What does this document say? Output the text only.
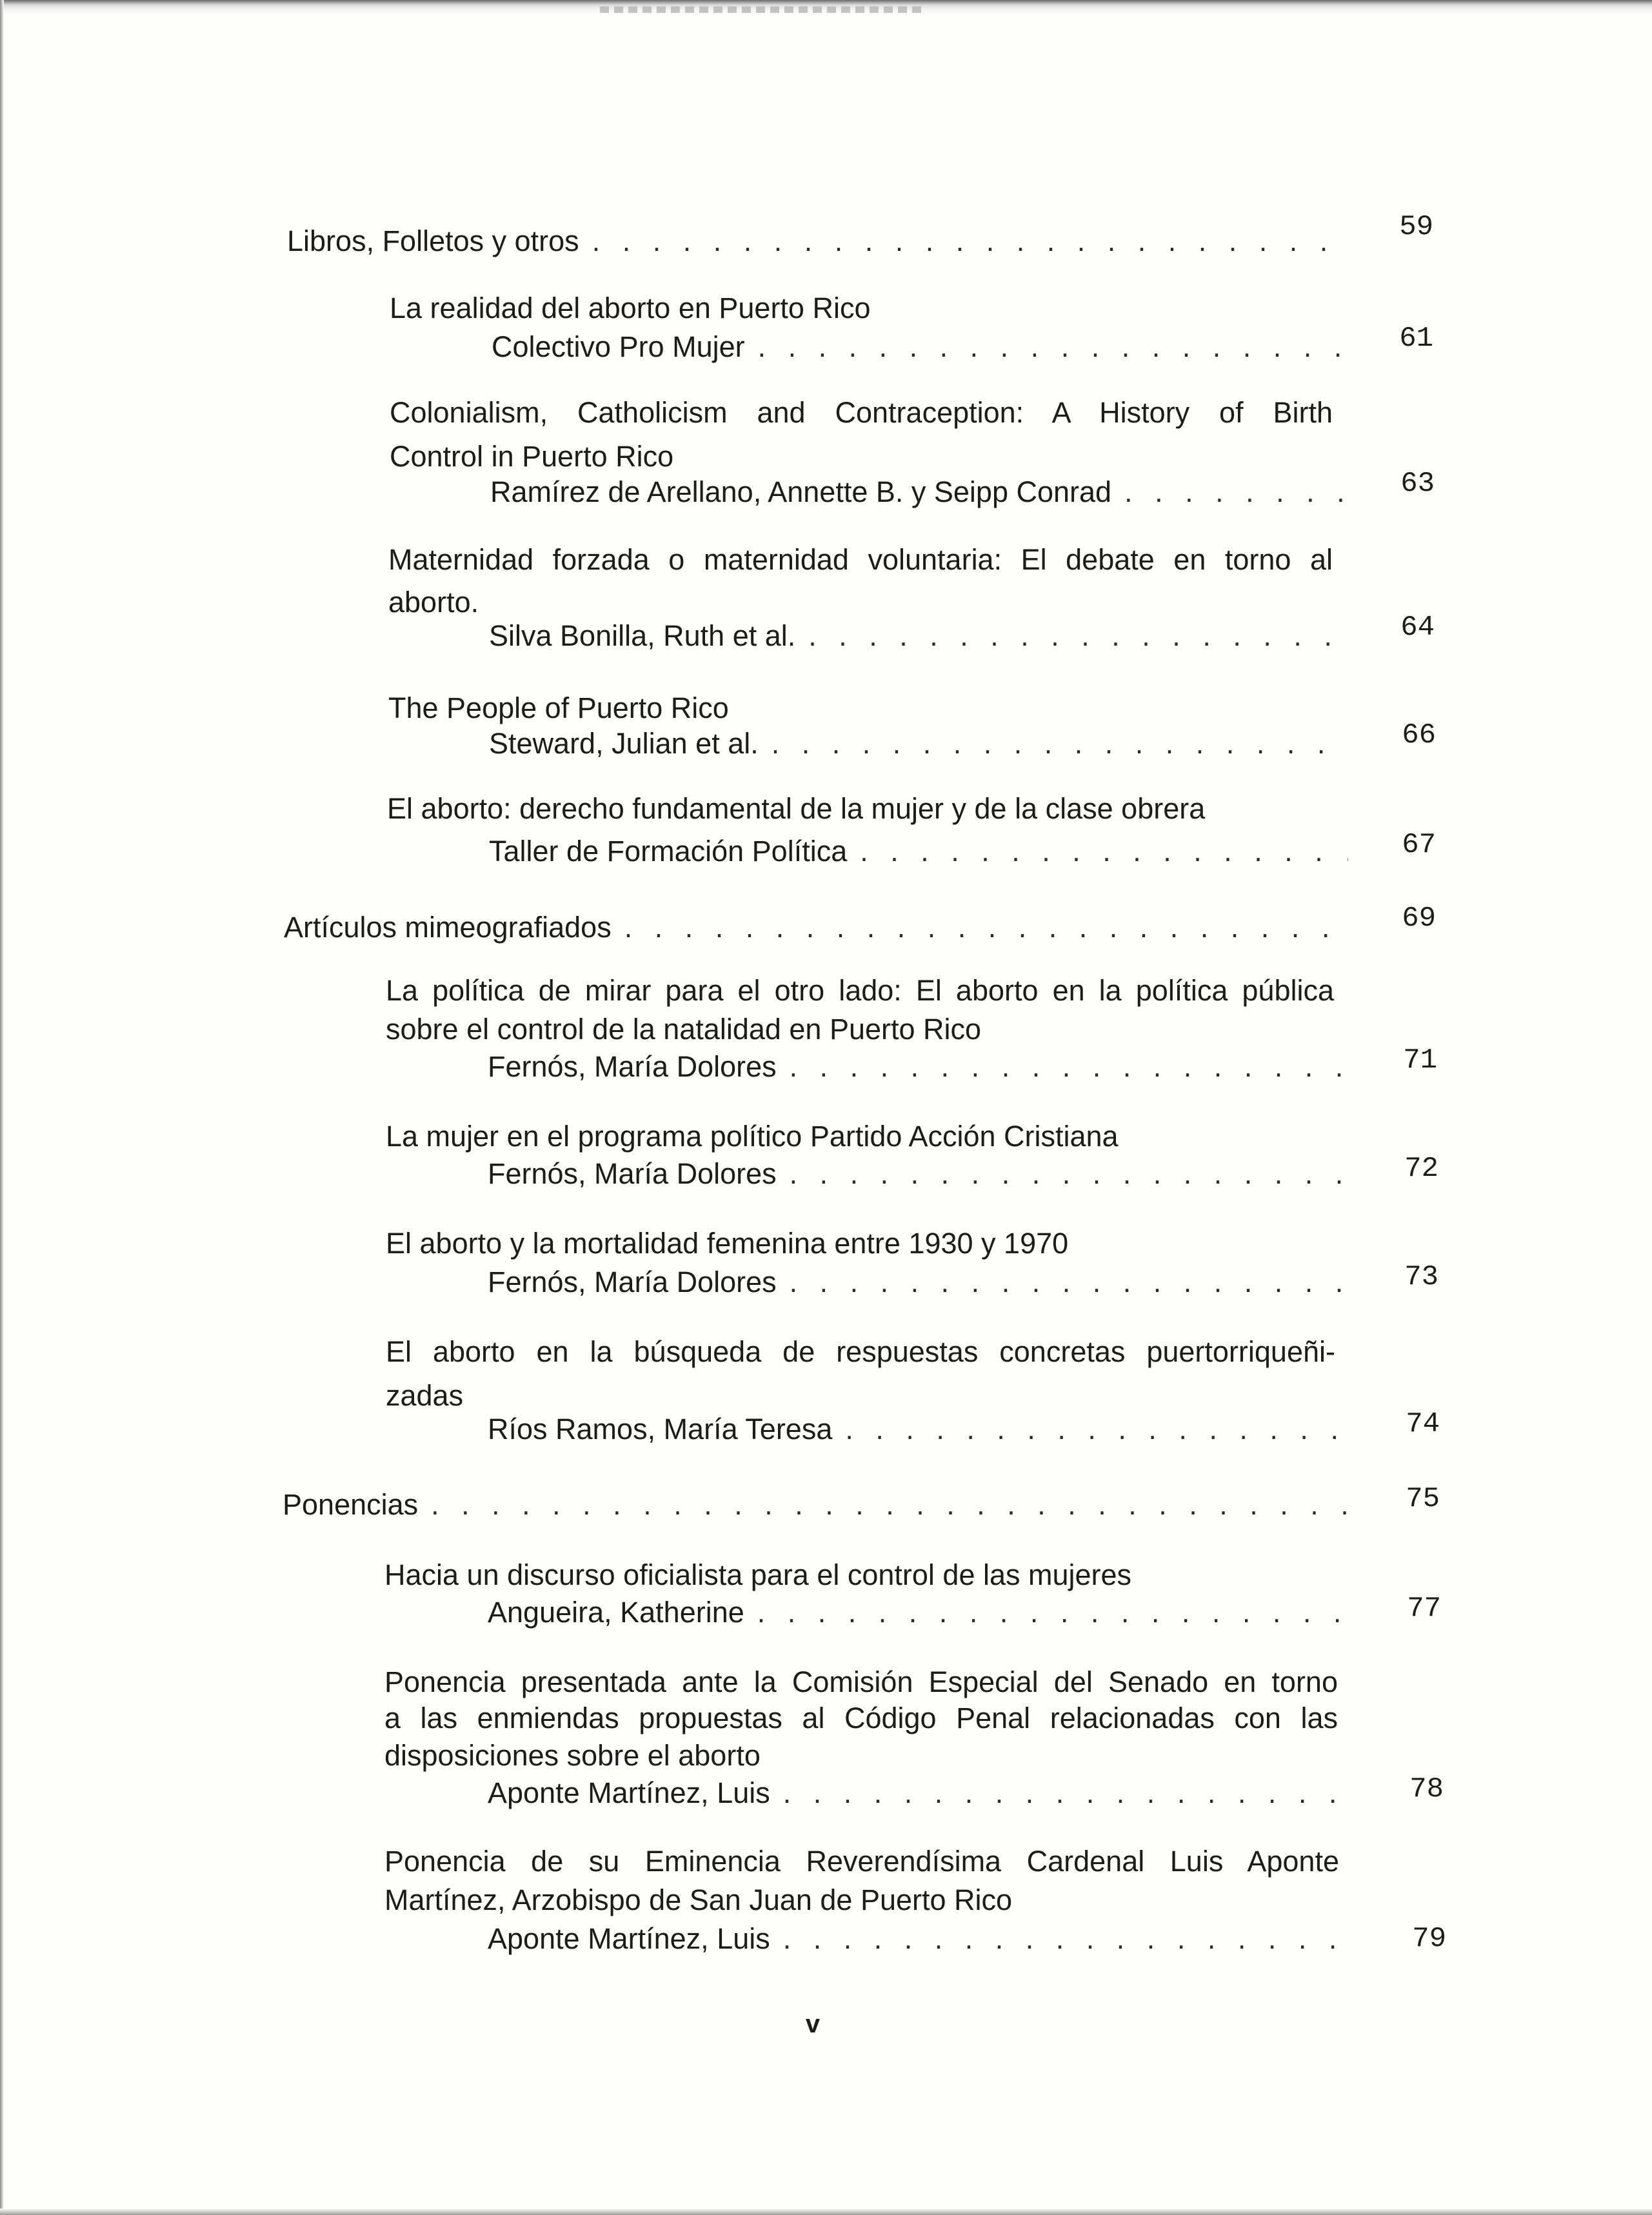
Libros, Folletos y otros . . .	59
La realidad del aborto en Puerto Rico
Colectivo Pro Mujer . . .	61
Colonialism, Catholicism and Contraception: A History of Birth
Control in Puerto Rico
Ramírez de Arellano, Annette B. y Seipp Conrad . . .	63
Maternidad forzada o maternidad voluntaria: El debate en torno al
aborto.
Silva Bonilla, Ruth et al. . . .	64
The People of Puerto Rico
Steward, Julian et al. . . .	66
El aborto: derecho fundamental de la mujer y de la clase obrera
Taller de Formación Política . . .	67
Artículos mimeografiados . . .	69
La política de mirar para el otro lado: El aborto en la política pública
sobre el control de la natalidad en Puerto Rico
Fernós, María Dolores . . .	71
La mujer en el programa político Partido Acción Cristiana
Fernós, María Dolores . . .	72
El aborto y la mortalidad femenina entre 1930 y 1970
Fernós, María Dolores . . .	73
El aborto en la búsqueda de respuestas concretas puertorriqueñi-
zadas
Ríos Ramos, María Teresa . . .	74
Ponencias . . .	75
Hacia un discurso oficialista para el control de las mujeres
Angueira, Katherine . . .	77
Ponencia presentada ante la Comisión Especial del Senado en torno
a las enmiendas propuestas al Código Penal relacionadas con las
disposiciones sobre el aborto
Aponte Martínez, Luis . . .	78
Ponencia de su Eminencia Reverendísima Cardenal Luis Aponte
Martínez, Arzobispo de San Juan de Puerto Rico
Aponte Martínez, Luis . . .	79
v
